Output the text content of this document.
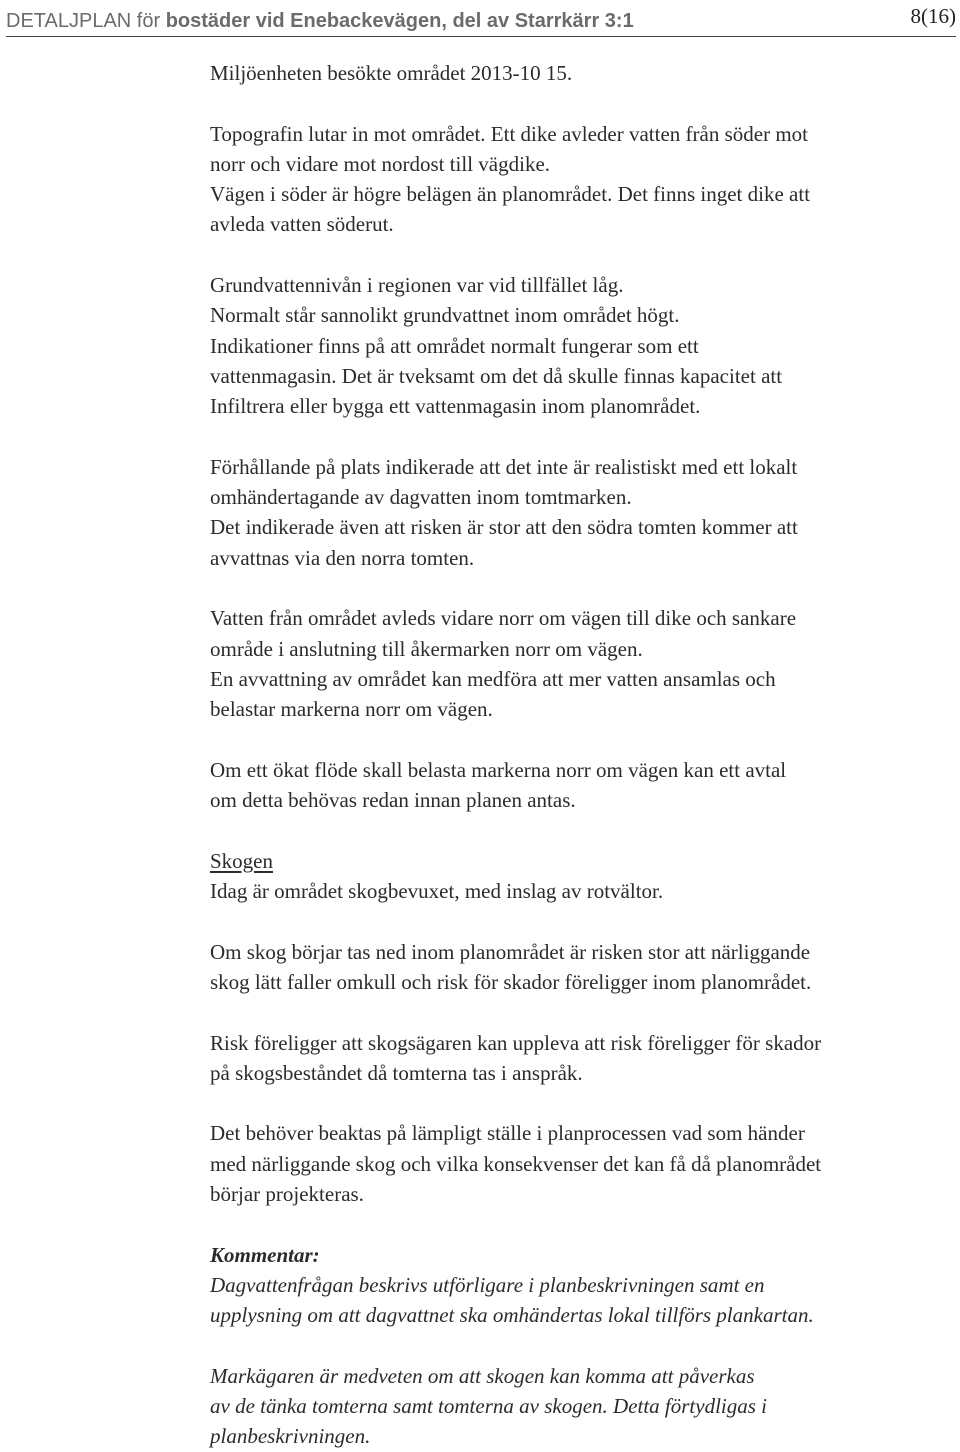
DETALJPLAN för bostäder vid Enebackevägen, del av Starrkärr 3:1	8(16)

Miljöenheten besökte området 2013-10 15.

Topografin lutar in mot området. Ett dike avleder vatten från söder mot
norr och vidare mot nordost till vägdike.
Vägen i söder är högre belägen än planområdet. Det finns inget dike att
avleda vatten söderut.

Grundvattennivån i regionen var vid tillfället låg.
Normalt står sannolikt grundvattnet inom området högt.
Indikationer finns på att området normalt fungerar som ett
vattenmagasin. Det är tveksamt om det då skulle finnas kapacitet att
Infiltrera eller bygga ett vattenmagasin inom planområdet.

Förhållande på plats indikerade att det inte är realistiskt med ett lokalt
omhändertagande av dagvatten inom tomtmarken.
Det indikerade även att risken är stor att den södra tomten kommer att
avvattnas via den norra tomten.

Vatten från området avleds vidare norr om vägen till dike och sankare
område i anslutning till åkermarken norr om vägen.
En avvattning av området kan medföra att mer vatten ansamlas och
belastar markerna norr om vägen.

Om ett ökat flöde skall belasta markerna norr om vägen kan ett avtal
om detta behövas redan innan planen antas.

Skogen
Idag är området skogbevuxet, med inslag av rotvältor.

Om skog börjar tas ned inom planområdet är risken stor att närliggande
skog lätt faller omkull och risk för skador föreligger inom planområdet.

Risk föreligger att skogsägaren kan uppleva att risk föreligger för skador
på skogsbeståndet då tomterna tas i anspråk.

Det behöver beaktas på lämpligt ställe i planprocessen vad som händer
med närliggande skog och vilka konsekvenser det kan få då planområdet
börjar projekteras.

Kommentar:
Dagvattenfrågan beskrivs utförligare i planbeskrivningen samt en
upplysning om att dagvattnet ska omhändertas lokal tillförs plankartan.

Markägaren är medveten om att skogen kan komma att påverkas
av de tänka tomterna samt tomterna av skogen. Detta förtydligas i
planbeskrivningen.
